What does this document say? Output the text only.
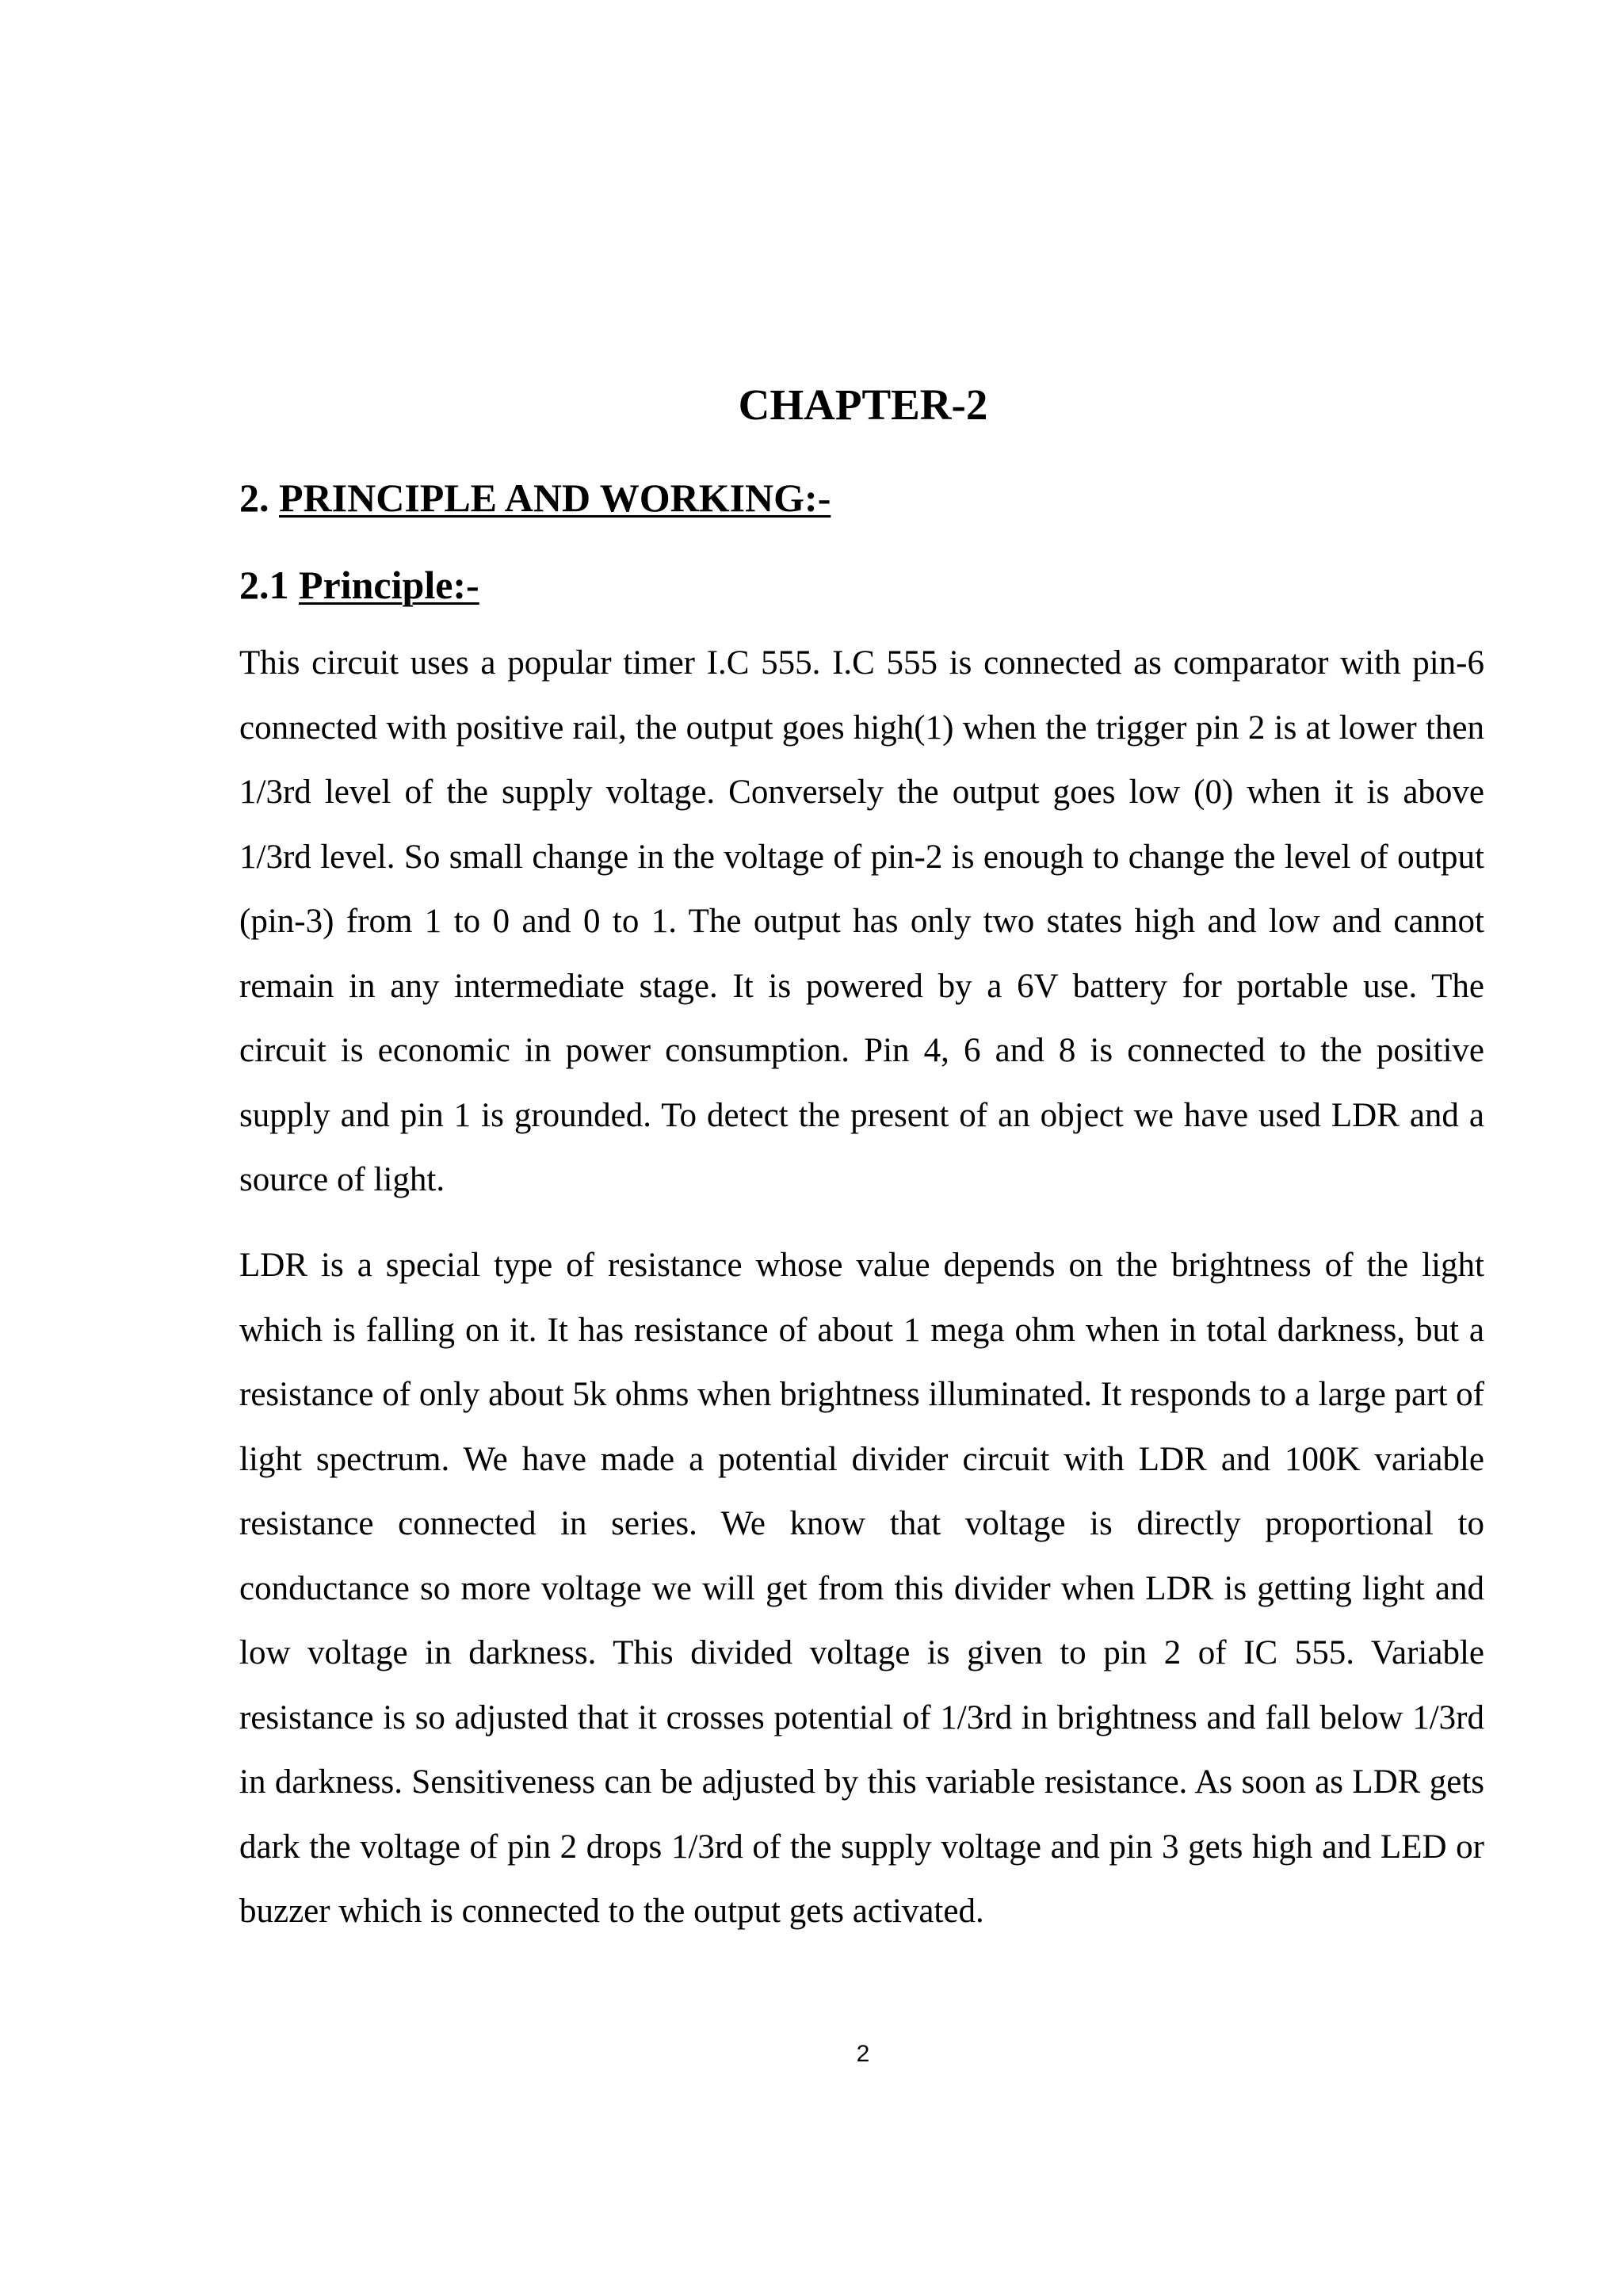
CHAPTER-2
2. PRINCIPLE AND WORKING:-
2.1 Principle:-

This circuit uses a popular timer I.C 555. I.C 555 is connected as comparator with pin-6 connected with positive rail, the output goes high(1) when the trigger pin 2 is at lower then 1/3rd level of the supply voltage. Conversely the output goes low (0) when it is above 1/3rd level. So small change in the voltage of pin-2 is enough to change the level of output (pin-3) from 1 to 0 and 0 to 1. The output has only two states high and low and cannot remain in any intermediate stage. It is powered by a 6V battery for portable use. The circuit is economic in power consumption. Pin 4, 6 and 8 is connected to the positive supply and pin 1 is grounded. To detect the present of an object we have used LDR and a source of light.

LDR is a special type of resistance whose value depends on the brightness of the light which is falling on it. It has resistance of about 1 mega ohm when in total darkness, but a resistance of only about 5k ohms when brightness illuminated. It responds to a large part of light spectrum. We have made a potential divider circuit with LDR and 100K variable resistance connected in series. We know that voltage is directly proportional to conductance so more voltage we will get from this divider when LDR is getting light and low voltage in darkness. This divided voltage is given to pin 2 of IC 555. Variable resistance is so adjusted that it crosses potential of 1/3rd in brightness and fall below 1/3rd in darkness. Sensitiveness can be adjusted by this variable resistance. As soon as LDR gets dark the voltage of pin 2 drops 1/3rd of the supply voltage and pin 3 gets high and LED or buzzer which is connected to the output gets activated.

2
